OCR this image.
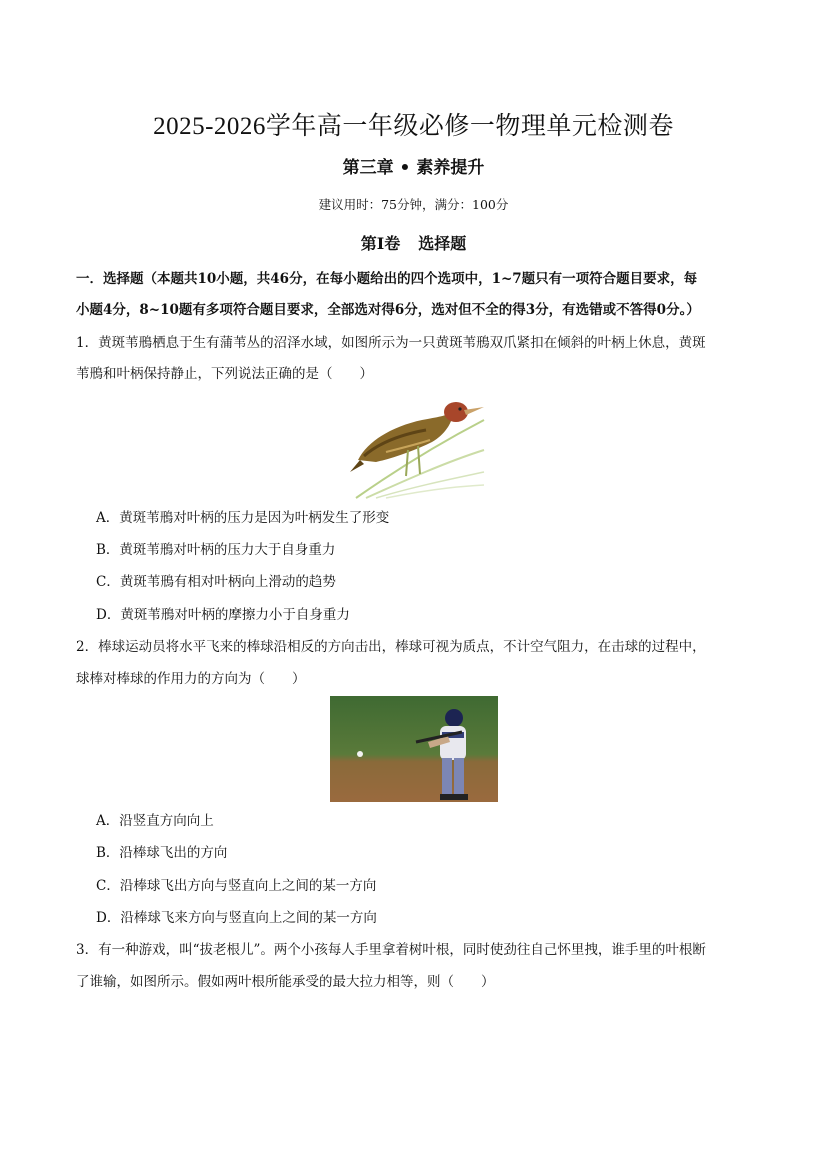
2025-2026学年高一年级必修一物理单元检测卷
第三章 • 素养提升
建议用时：75分钟，满分：100分
第Ⅰ卷 选择题
一．选择题（本题共10小题，共46分，在每小题给出的四个选项中，1~7题只有一项符合题目要求，每
小题4分，8~10题有多项符合题目要求，全部选对得6分，选对但不全的得3分，有选错或不答得0分。）
1．黄斑苇鳽栖息于生有蒲苇丛的沼泽水域，如图所示为一只黄斑苇鳽双爪紧扣在倾斜的叶柄上休息，黄斑
苇鳽和叶柄保持静止，下列说法正确的是（　　）
A．黄斑苇鳽对叶柄的压力是因为叶柄发生了形变
B．黄斑苇鳽对叶柄的压力大于自身重力
C．黄斑苇鳽有相对叶柄向上滑动的趋势
D．黄斑苇鳽对叶柄的摩擦力小于自身重力
2．棒球运动员将水平飞来的棒球沿相反的方向击出，棒球可视为质点，不计空气阻力，在击球的过程中，
球棒对棒球的作用力的方向为（　　）
A．沿竖直方向向上
B．沿棒球飞出的方向
C．沿棒球飞出方向与竖直向上之间的某一方向
D．沿棒球飞来方向与竖直向上之间的某一方向
3．有一种游戏，叫“拔老根儿”。两个小孩每人手里拿着树叶根，同时使劲往自己怀里拽，谁手里的叶根断
了谁输，如图所示。假如两叶根所能承受的最大拉力相等，则（　　）
